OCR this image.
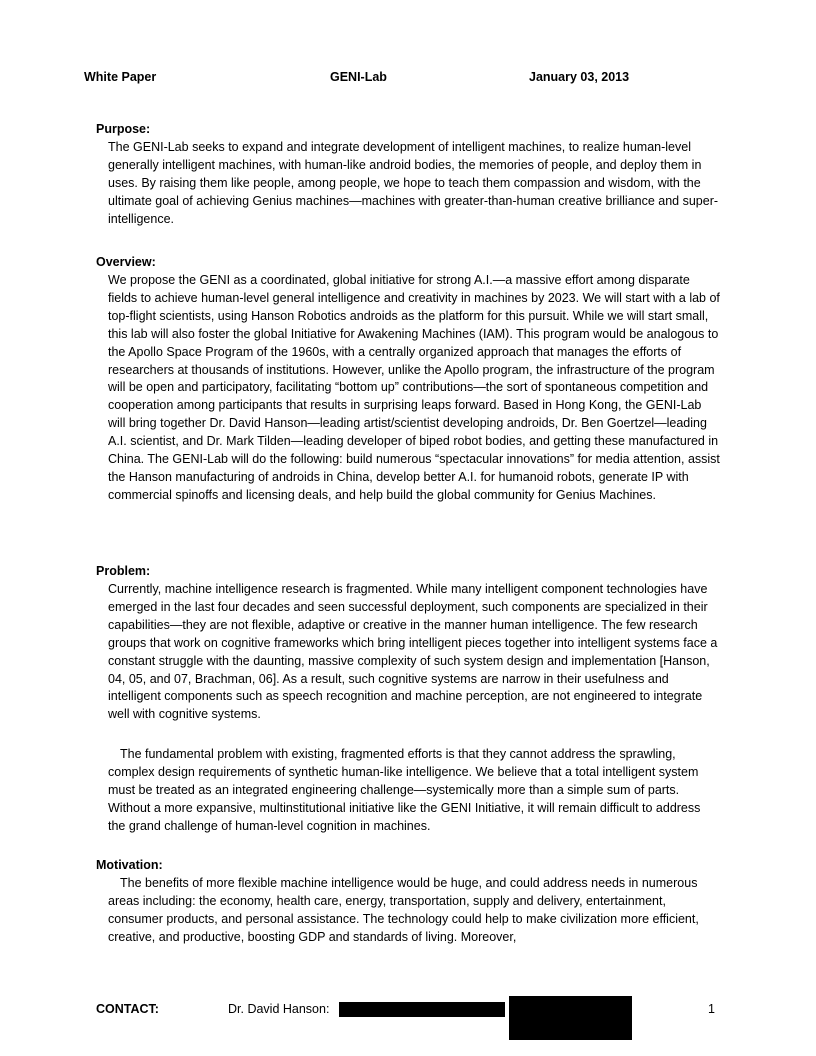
White Paper	GENI-Lab	January 03, 2013

Purpose:

The GENI-Lab seeks to expand and integrate development of intelligent machines, to realize human-level generally intelligent machines, with human-like android bodies, the memories of people, and deploy them in uses. By raising them like people, among people, we hope to teach them compassion and wisdom, with the ultimate goal of achieving Genius machines—machines with greater-than-human creative brilliance and super-intelligence.

Overview:

We propose the GENI as a coordinated, global initiative for strong A.I.—a massive effort among disparate fields to achieve human-level general intelligence and creativity in machines by 2023. We will start with a lab of top-flight scientists, using Hanson Robotics androids as the platform for this pursuit. While we will start small, this lab will also foster the global Initiative for Awakening Machines (IAM). This program would be analogous to the Apollo Space Program of the 1960s, with a centrally organized approach that manages the efforts of researchers at thousands of institutions. However, unlike the Apollo program, the infrastructure of the program will be open and participatory, facilitating “bottom up” contributions—the sort of spontaneous competition and cooperation among participants that results in surprising leaps forward. Based in Hong Kong, the GENI-Lab will bring together Dr. David Hanson—leading artist/scientist developing androids, Dr. Ben Goertzel—leading A.I. scientist, and Dr. Mark Tilden—leading developer of biped robot bodies, and getting these manufactured in China. The GENI-Lab will do the following: build numerous “spectacular innovations” for media attention, assist the Hanson manufacturing of androids in China, develop better A.I. for humanoid robots, generate IP with commercial spinoffs and licensing deals, and help build the global community for Genius Machines.

Problem:

Currently, machine intelligence research is fragmented. While many intelligent component technologies have emerged in the last four decades and seen successful deployment, such components are specialized in their capabilities—they are not flexible, adaptive or creative in the manner human intelligence. The few research groups that work on cognitive frameworks which bring intelligent pieces together into intelligent systems face a constant struggle with the daunting, massive complexity of such system design and implementation [Hanson, 04, 05, and 07, Brachman, 06]. As a result, such cognitive systems are narrow in their usefulness and intelligent components such as speech recognition and machine perception, are not engineered to integrate well with cognitive systems.

The fundamental problem with existing, fragmented efforts is that they cannot address the sprawling, complex design requirements of synthetic human-like intelligence. We believe that a total intelligent system must be treated as an integrated engineering challenge—systemically more than a simple sum of parts. Without a more expansive, multinstitutional initiative like the GENI Initiative, it will remain difficult to address the grand challenge of human-level cognition in machines.

Motivation:

The benefits of more flexible machine intelligence would be huge, and could address needs in numerous areas including: the economy, health care, energy, transportation, supply and delivery, entertainment, consumer products, and personal assistance. The technology could help to make civilization more efficient, creative, and productive, boosting GDP and standards of living. Moreover,

CONTACT:	Dr. David Hanson:	1
